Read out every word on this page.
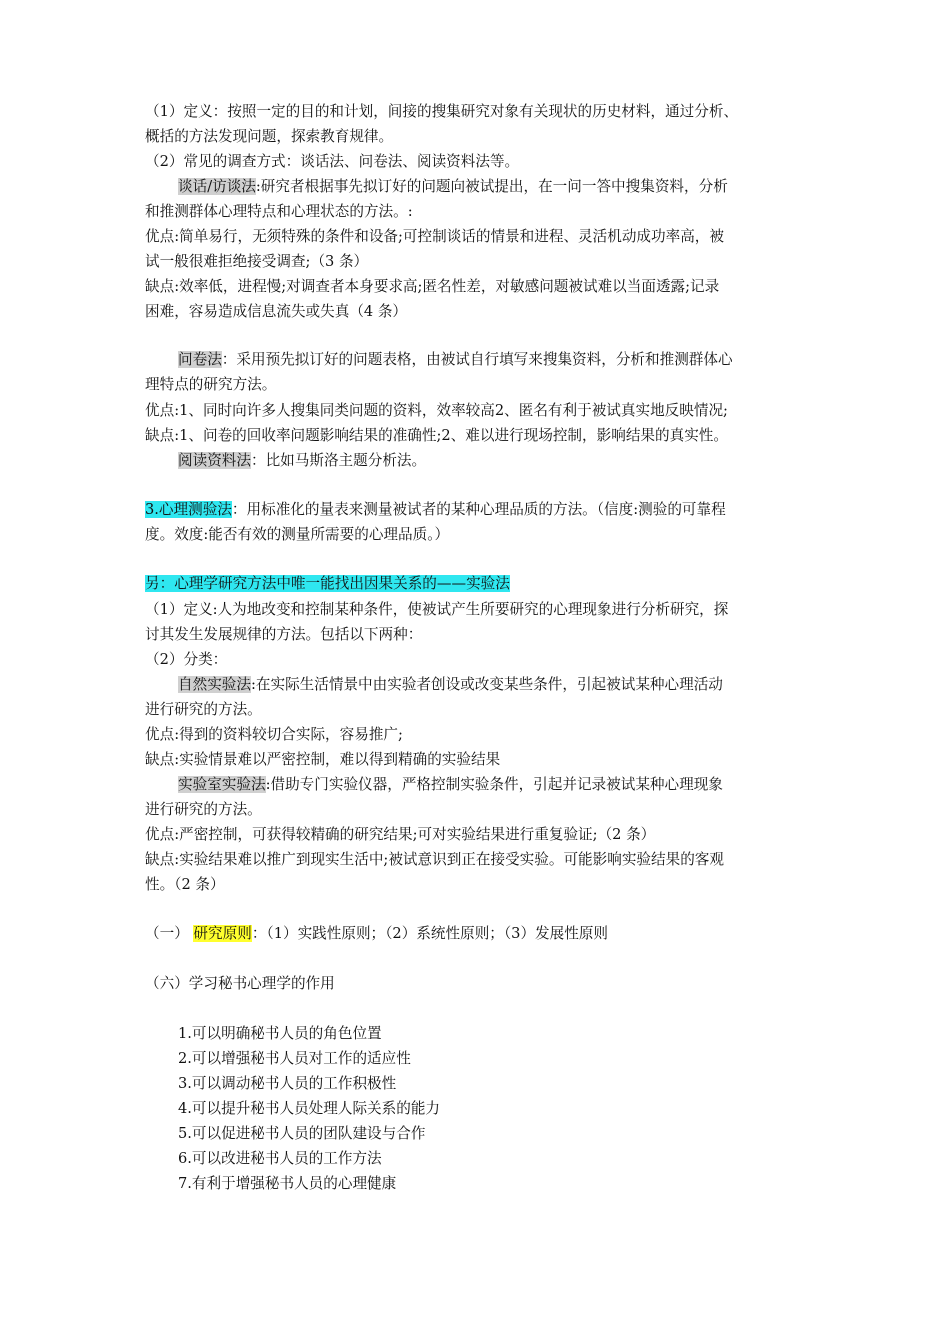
（1）定义：按照一定的目的和计划，间接的搜集研究对象有关现状的历史材料，通过分析、
概括的方法发现问题，探索教育规律。
（2）常见的调查方式：谈话法、问卷法、阅读资料法等。
谈话/访谈法:研究者根据事先拟订好的问题向被试提出，在一问一答中搜集资料，分析
和推测群体心理特点和心理状态的方法。:
优点:简单易行，无须特殊的条件和设备;可控制谈话的情景和进程、灵活机动成功率高，被
试一般很难拒绝接受调查;（3 条）
缺点:效率低，进程慢;对调查者本身要求高;匿名性差，对敏感问题被试难以当面透露;记录
困难，容易造成信息流失或失真（4 条）
问卷法：采用预先拟订好的问题表格，由被试自行填写来搜集资料，分析和推测群体心
理特点的研究方法。
优点:1、同时向许多人搜集同类问题的资料，效率较高2、匿名有利于被试真实地反映情况;
缺点:1、问卷的回收率问题影响结果的准确性;2、难以进行现场控制，影响结果的真实性。
阅读资料法：比如马斯洛主题分析法。
3.心理测验法：用标准化的量表来测量被试者的某种心理品质的方法。（信度:测验的可靠程
度。效度:能否有效的测量所需要的心理品质。）
另：心理学研究方法中唯一能找出因果关系的——实验法
（1）定义:人为地改变和控制某种条件，使被试产生所要研究的心理现象进行分析研究，探
讨其发生发展规律的方法。包括以下两种：
（2）分类：
自然实验法:在实际生活情景中由实验者创设或改变某些条件，引起被试某种心理活动
进行研究的方法。
优点:得到的资料较切合实际，容易推广;
缺点:实验情景难以严密控制，难以得到精确的实验结果
实验室实验法:借助专门实验仪器，严格控制实验条件，引起并记录被试某种心理现象
进行研究的方法。
优点:严密控制，可获得较精确的研究结果;可对实验结果进行重复验证;（2 条）
缺点:实验结果难以推广到现实生活中;被试意识到正在接受实验。可能影响实验结果的客观
性。（2 条）
（一） 研究原则：（1）实践性原则；（2）系统性原则；（3）发展性原则
（六）学习秘书心理学的作用
1.可以明确秘书人员的角色位置
2.可以增强秘书人员对工作的适应性
3.可以调动秘书人员的工作积极性
4.可以提升秘书人员处理人际关系的能力
5.可以促进秘书人员的团队建设与合作
6.可以改进秘书人员的工作方法
7.有利于增强秘书人员的心理健康
